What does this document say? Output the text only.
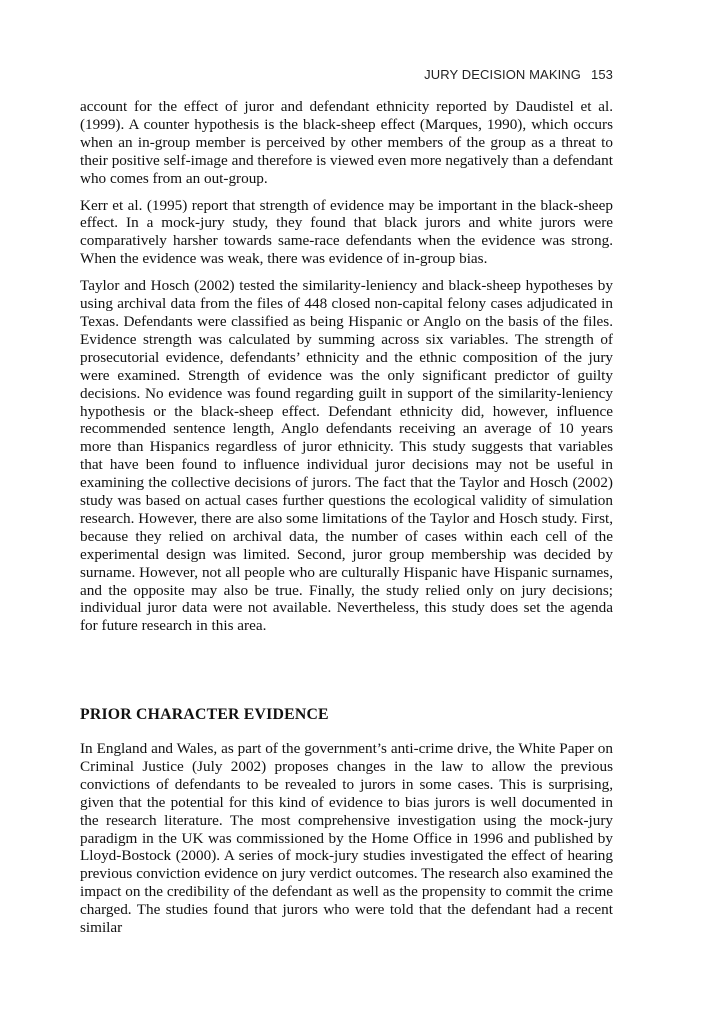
JURY DECISION MAKING 153

account for the effect of juror and defendant ethnicity reported by Daudistel et al. (1999). A counter hypothesis is the black-sheep effect (Marques, 1990), which occurs when an in-group member is perceived by other members of the group as a threat to their positive self-image and therefore is viewed even more negatively than a defendant who comes from an out-group.

Kerr et al. (1995) report that strength of evidence may be important in the black-sheep effect. In a mock-jury study, they found that black jurors and white jurors were comparatively harsher towards same-race defendants when the evidence was strong. When the evidence was weak, there was evidence of in-group bias.

Taylor and Hosch (2002) tested the similarity-leniency and black-sheep hypotheses by using archival data from the files of 448 closed non-capital felony cases adjudicated in Texas. Defendants were classified as being Hispanic or Anglo on the basis of the files. Evidence strength was calculated by summing across six variables. The strength of prosecutorial evidence, defendants’ ethnicity and the ethnic composition of the jury were examined. Strength of evidence was the only significant predictor of guilty decisions. No evidence was found regarding guilt in support of the similarity-leniency hypothesis or the black-sheep effect. Defendant ethnicity did, however, influence recommended sentence length, Anglo defendants receiving an average of 10 years more than Hispanics regardless of juror ethnicity. This study suggests that variables that have been found to influence individual juror decisions may not be useful in examining the collective decisions of jurors. The fact that the Taylor and Hosch (2002) study was based on actual cases further questions the ecological validity of simulation research. However, there are also some limitations of the Taylor and Hosch study. First, because they relied on archival data, the number of cases within each cell of the experimental design was limited. Second, juror group membership was decided by surname. However, not all people who are culturally Hispanic have Hispanic surnames, and the opposite may also be true. Finally, the study relied only on jury decisions; individual juror data were not available. Nevertheless, this study does set the agenda for future research in this area.

PRIOR CHARACTER EVIDENCE

In England and Wales, as part of the government’s anti-crime drive, the White Paper on Criminal Justice (July 2002) proposes changes in the law to allow the previous convictions of defendants to be revealed to jurors in some cases. This is surprising, given that the potential for this kind of evidence to bias jurors is well documented in the research literature. The most comprehensive investigation using the mock-jury paradigm in the UK was commissioned by the Home Office in 1996 and published by Lloyd-Bostock (2000). A series of mock-jury studies investigated the effect of hearing previous conviction evidence on jury verdict outcomes. The research also examined the impact on the credibility of the defendant as well as the propensity to commit the crime charged. The studies found that jurors who were told that the defendant had a recent similar
